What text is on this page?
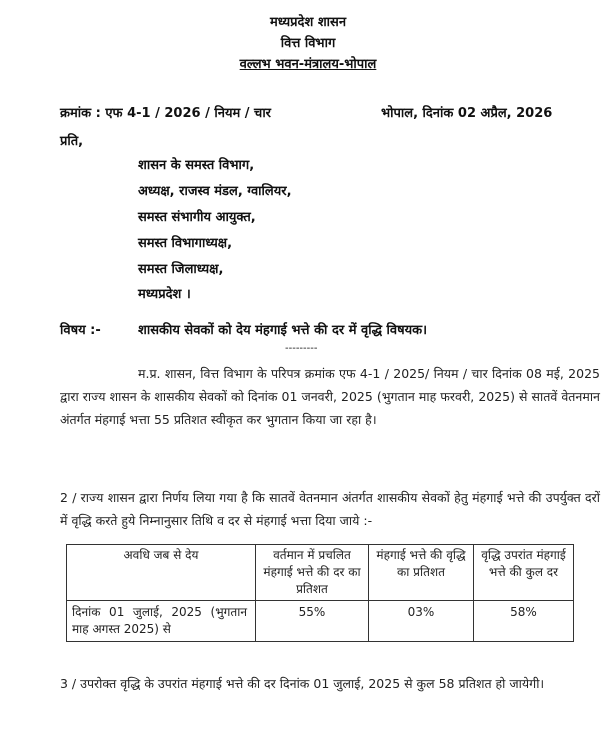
मध्यप्रदेश शासन
वित्त विभाग
वल्लभ भवन-मंत्रालय-भोपाल
क्रमांक : एफ 4-1 / 2026 / नियम / चार	भोपाल, दिनांक 02 अप्रैल, 2026
प्रति,
शासन के समस्त विभाग,
अध्यक्ष, राजस्व मंडल, ग्वालियर,
समस्त संभागीय आयुक्त,
समस्त विभागाध्यक्ष,
समस्त जिलाध्यक्ष,
मध्यप्रदेश ।
विषय :-	शासकीय सेवकों को देय मंहगाई भत्ते की दर में वृद्धि विषयक।
---------
म.प्र. शासन, वित्त विभाग के परिपत्र क्रमांक एफ 4-1 / 2025/ नियम / चार दिनांक 08 मई, 2025 द्वारा राज्य शासन के शासकीय सेवकों को दिनांक 01 जनवरी, 2025 (भुगतान माह फरवरी, 2025) से सातवें वेतनमान अंतर्गत मंहगाई भत्ता 55 प्रतिशत स्वीकृत कर भुगतान किया जा रहा है।
2 / राज्य शासन द्वारा निर्णय लिया गया है कि सातवें वेतनमान अंतर्गत शासकीय सेवकों हेतु मंहगाई भत्ते की उपर्युक्त दरों में वृद्धि करते हुये निम्नानुसार तिथि व दर से मंहगाई भत्ता दिया जाये :-
अवधि जब से देय	वर्तमान में प्रचलित मंहगाई भत्ते की दर का प्रतिशत	मंहगाई भत्ते की वृद्धि का प्रतिशत	वृद्धि उपरांत मंहगाई भत्ते की कुल दर
दिनांक 01 जुलाई, 2025 (भुगतान माह अगस्त 2025) से	55%	03%	58%
3 / उपरोक्त वृद्धि के उपरांत मंहगाई भत्ते की दर दिनांक 01 जुलाई, 2025 से कुल 58 प्रतिशत हो जायेगी।
